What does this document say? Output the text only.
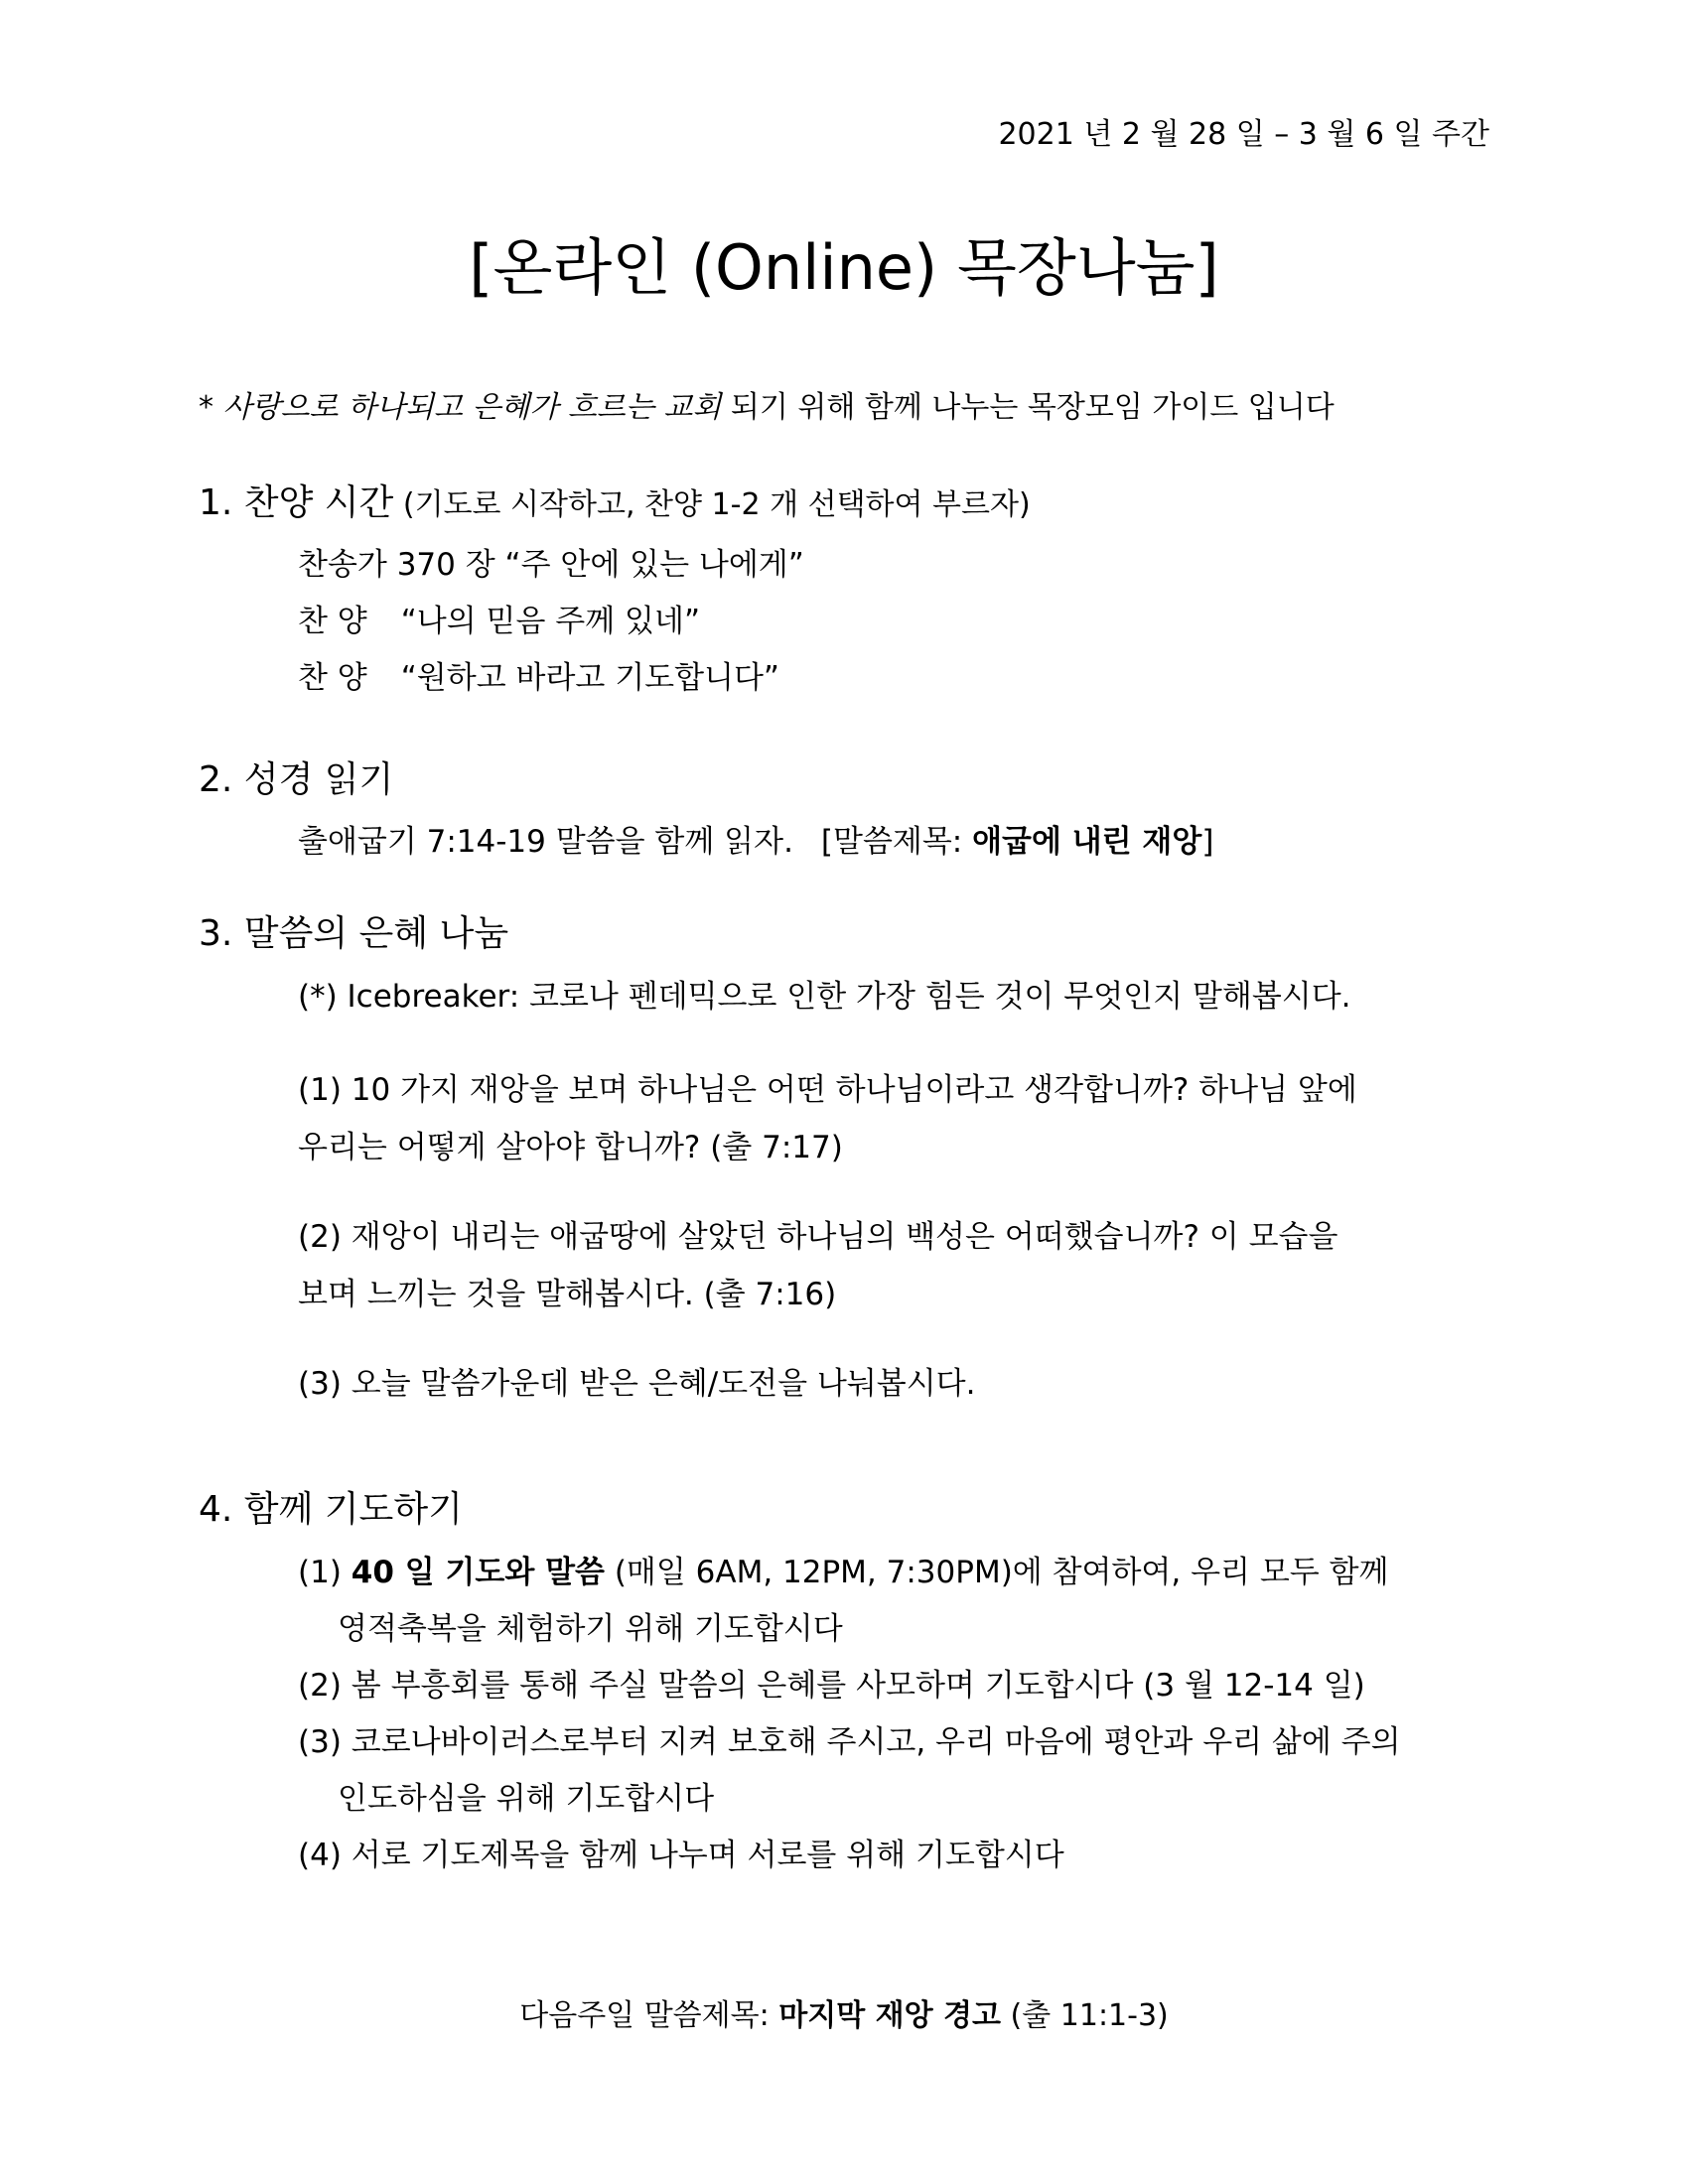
2021 년 2 월 28 일 – 3 월 6 일 주간
[온라인 (Online) 목장나눔]
* 사랑으로 하나되고 은혜가 흐르는 교회 되기 위해 함께 나누는 목장모임 가이드 입니다
1. 찬양 시간 (기도로 시작하고, 찬양 1-2 개 선택하여 부르자)
찬송가 370 장 “주 안에 있는 나에게”
찬 양 “나의 믿음 주께 있네”
찬 양 “원하고 바라고 기도합니다”
2. 성경 읽기
출애굽기 7:14-19 말씀을 함께 읽자. [말씀제목: 애굽에 내린 재앙]
3. 말씀의 은혜 나눔
(*) Icebreaker: 코로나 펜데믹으로 인한 가장 힘든 것이 무엇인지 말해봅시다.
(1) 10 가지 재앙을 보며 하나님은 어떤 하나님이라고 생각합니까? 하나님 앞에
우리는 어떻게 살아야 합니까? (출 7:17)
(2) 재앙이 내리는 애굽땅에 살았던 하나님의 백성은 어떠했습니까? 이 모습을
보며 느끼는 것을 말해봅시다. (출 7:16)
(3) 오늘 말씀가운데 받은 은혜/도전을 나눠봅시다.
4. 함께 기도하기
(1) 40 일 기도와 말씀 (매일 6AM, 12PM, 7:30PM)에 참여하여, 우리 모두 함께
영적축복을 체험하기 위해 기도합시다
(2) 봄 부흥회를 통해 주실 말씀의 은혜를 사모하며 기도합시다 (3 월 12-14 일)
(3) 코로나바이러스로부터 지켜 보호해 주시고, 우리 마음에 평안과 우리 삶에 주의
인도하심을 위해 기도합시다
(4) 서로 기도제목을 함께 나누며 서로를 위해 기도합시다
다음주일 말씀제목: 마지막 재앙 경고 (출 11:1-3)
